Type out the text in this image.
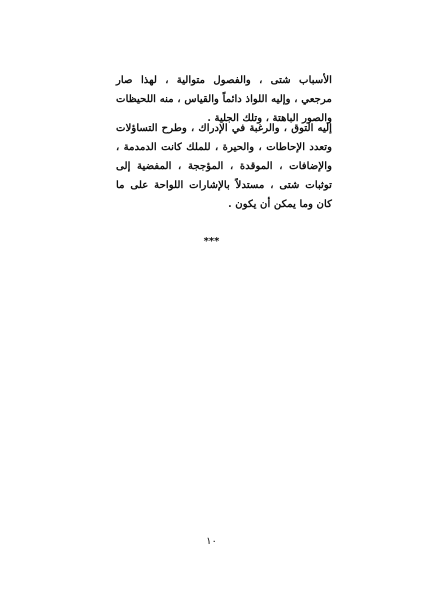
الأسباب شتى ، والفصول متوالية ، لهذا صار مرجعي ، وإليه اللواذ دائماً والقياس ، منه اللحيظات والصور الباهتة ، وتلك الجلية .

إليه التوق ، والرغبة في الإدراك ، وطرح التساؤلات وتعدد الإحاطات ، والحيرة ، للملك كانت الدمدمة ، والإضافات ، الموقدة ، المؤججة ، المفضية إلى توثبات شتى ، مستدلاً بالإشارات اللواحة على ما كان وما يمكن أن يكون .

***
١٠
